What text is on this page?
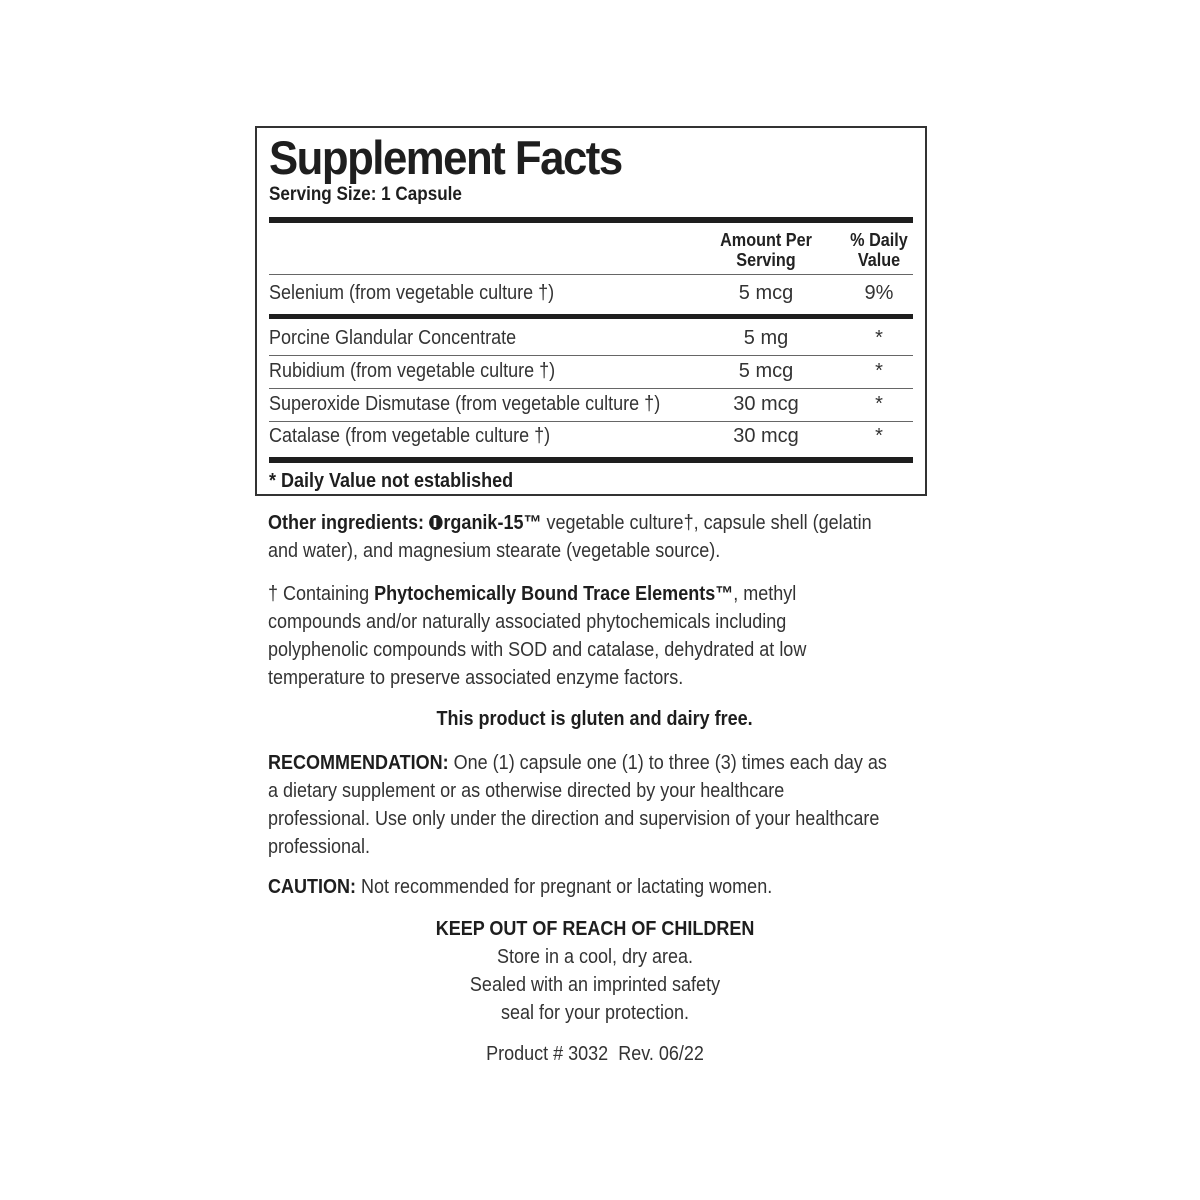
Supplement Facts
Serving Size: 1 Capsule
Amount Per
Serving
% Daily
Value
Selenium (from vegetable culture †)	5 mcg	9%
Porcine Glandular Concentrate	5 mg	*
Rubidium (from vegetable culture †)	5 mcg	*
Superoxide Dismutase (from vegetable culture †)	30 mcg	*
Catalase (from vegetable culture †)	30 mcg	*
* Daily Value not established
Other ingredients: rganik-15™ vegetable culture†, capsule shell (gelatin
and water), and magnesium stearate (vegetable source).
† Containing Phytochemically Bound Trace Elements™, methyl
compounds and/or naturally associated phytochemicals including
polyphenolic compounds with SOD and catalase, dehydrated at low
temperature to preserve associated enzyme factors.
This product is gluten and dairy free.
RECOMMENDATION: One (1) capsule one (1) to three (3) times each day as
a dietary supplement or as otherwise directed by your healthcare
professional. Use only under the direction and supervision of your healthcare
professional.
CAUTION: Not recommended for pregnant or lactating women.
KEEP OUT OF REACH OF CHILDREN
Store in a cool, dry area.
Sealed with an imprinted safety
seal for your protection.
Product # 3032  Rev. 06/22
